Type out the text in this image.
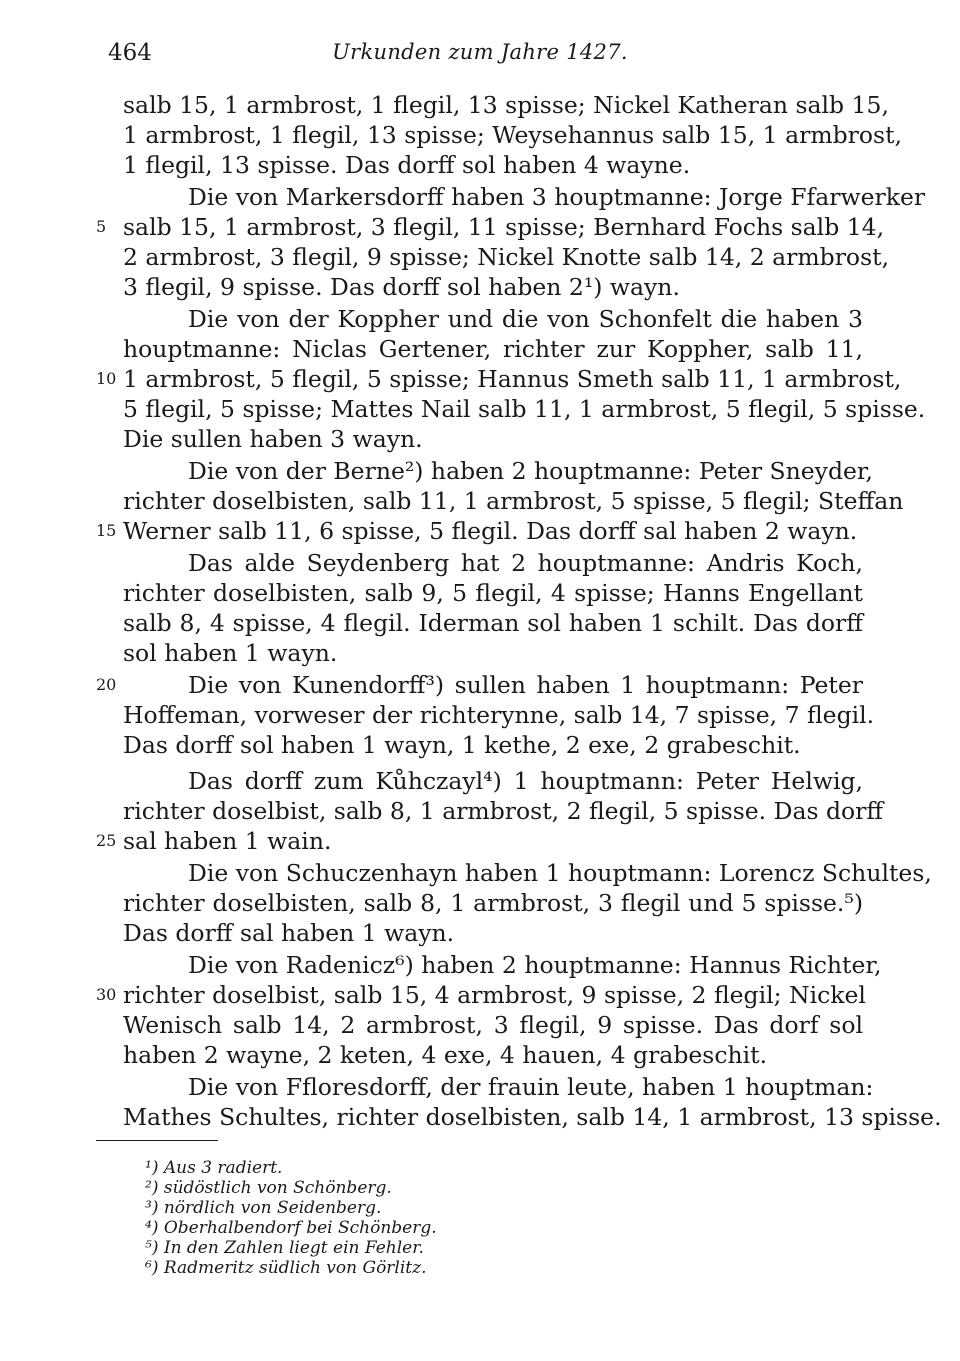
464	Urkunden zum Jahre 1427.
salb 15, 1 armbrost, 1 flegil, 13 spisse; Nickel Katheran salb 15,
1 armbrost, 1 flegil, 13 spisse; Weysehannus salb 15, 1 armbrost,
1 flegil, 13 spisse. Das dorff sol haben 4 wayne.
Die von Markersdorff haben 3 houptmanne: Jorge Ffarwerker
salb 15, 1 armbrost, 3 flegil, 11 spisse; Bernhard Fochs salb 14,
2 armbrost, 3 flegil, 9 spisse; Nickel Knotte salb 14, 2 armbrost,
3 flegil, 9 spisse. Das dorff sol haben 2¹) wayn.
Die von der Koppher und die von Schonfelt die haben 3
houptmanne: Niclas Gertener, richter zur Koppher, salb 11,
1 armbrost, 5 flegil, 5 spisse; Hannus Smeth salb 11, 1 armbrost,
5 flegil, 5 spisse; Mattes Nail salb 11, 1 armbrost, 5 flegil, 5 spisse.
Die sullen haben 3 wayn.
Die von der Berne²) haben 2 houptmanne: Peter Sneyder,
richter doselbisten, salb 11, 1 armbrost, 5 spisse, 5 flegil; Steffan
Werner salb 11, 6 spisse, 5 flegil. Das dorff sal haben 2 wayn.
Das alde Seydenberg hat 2 houptmanne: Andris Koch,
richter doselbisten, salb 9, 5 flegil, 4 spisse; Hanns Engellant
salb 8, 4 spisse, 4 flegil. Iderman sol haben 1 schilt. Das dorff
sol haben 1 wayn.
Die von Kunendorff³) sullen haben 1 houptmann: Peter
Hoffeman, vorweser der richterynne, salb 14, 7 spisse, 7 flegil.
Das dorff sol haben 1 wayn, 1 kethe, 2 exe, 2 grabeschit.
Das dorff zum Kůhczayl⁴) 1 houptmann: Peter Helwig,
richter doselbist, salb 8, 1 armbrost, 2 flegil, 5 spisse. Das dorff
sal haben 1 wain.
Die von Schuczenhayn haben 1 houptmann: Lorencz Schultes,
richter doselbisten, salb 8, 1 armbrost, 3 flegil und 5 spisse.⁵)
Das dorff sal haben 1 wayn.
Die von Radenicz⁶) haben 2 houptmanne: Hannus Richter,
richter doselbist, salb 15, 4 armbrost, 9 spisse, 2 flegil; Nickel
Wenisch salb 14, 2 armbrost, 3 flegil, 9 spisse. Das dorf sol
haben 2 wayne, 2 keten, 4 exe, 4 hauen, 4 grabeschit.
Die von Ffloresdorff, der frauin leute, haben 1 houptman:
Mathes Schultes, richter doselbisten, salb 14, 1 armbrost, 13 spisse.
5
10
15
20
25
30
¹) Aus 3 radiert.
²) südöstlich von Schönberg.
³) nördlich von Seidenberg.
⁴) Oberhalbendorf bei Schönberg.
⁵) In den Zahlen liegt ein Fehler.
⁶) Radmeritz südlich von Görlitz.
